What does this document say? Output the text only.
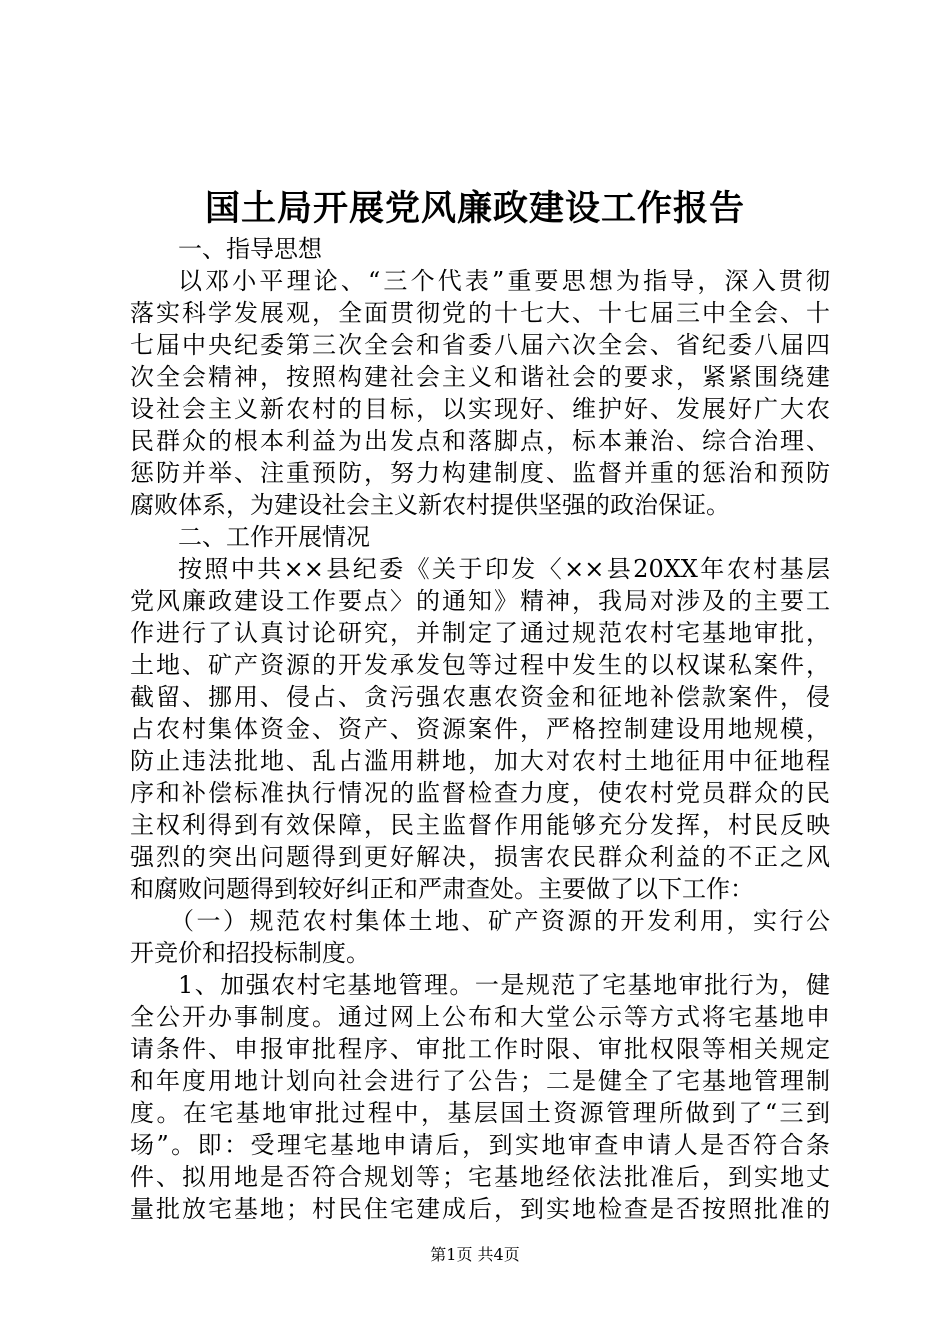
国土局开展党风廉政建设工作报告
一、指导思想
以邓小平理论、“三个代表”重要思想为指导，深入贯彻
落实科学发展观，全面贯彻党的十七大、十七届三中全会、十
七届中央纪委第三次全会和省委八届六次全会、省纪委八届四
次全会精神，按照构建社会主义和谐社会的要求，紧紧围绕建
设社会主义新农村的目标，以实现好、维护好、发展好广大农
民群众的根本利益为出发点和落脚点，标本兼治、综合治理、
惩防并举、注重预防，努力构建制度、监督并重的惩治和预防
腐败体系，为建设社会主义新农村提供坚强的政治保证。
二、工作开展情况
按照中共××县纪委《关于印发〈××县20XX年农村基层
党风廉政建设工作要点〉的通知》精神，我局对涉及的主要工
作进行了认真讨论研究，并制定了通过规范农村宅基地审批，
土地、矿产资源的开发承发包等过程中发生的以权谋私案件，
截留、挪用、侵占、贪污强农惠农资金和征地补偿款案件，侵
占农村集体资金、资产、资源案件，严格控制建设用地规模，
防止违法批地、乱占滥用耕地，加大对农村土地征用中征地程
序和补偿标准执行情况的监督检查力度，使农村党员群众的民
主权利得到有效保障，民主监督作用能够充分发挥，村民反映
强烈的突出问题得到更好解决，损害农民群众利益的不正之风
和腐败问题得到较好纠正和严肃查处。主要做了以下工作：
（一）规范农村集体土地、矿产资源的开发利用，实行公
开竞价和招投标制度。
1、加强农村宅基地管理。一是规范了宅基地审批行为，健
全公开办事制度。通过网上公布和大堂公示等方式将宅基地申
请条件、申报审批程序、审批工作时限、审批权限等相关规定
和年度用地计划向社会进行了公告；二是健全了宅基地管理制
度。在宅基地审批过程中，基层国土资源管理所做到了“三到
场”。即：受理宅基地申请后，到实地审查申请人是否符合条
件、拟用地是否符合规划等；宅基地经依法批准后，到实地丈
量批放宅基地；村民住宅建成后，到实地检查是否按照批准的
第1页 共4页
